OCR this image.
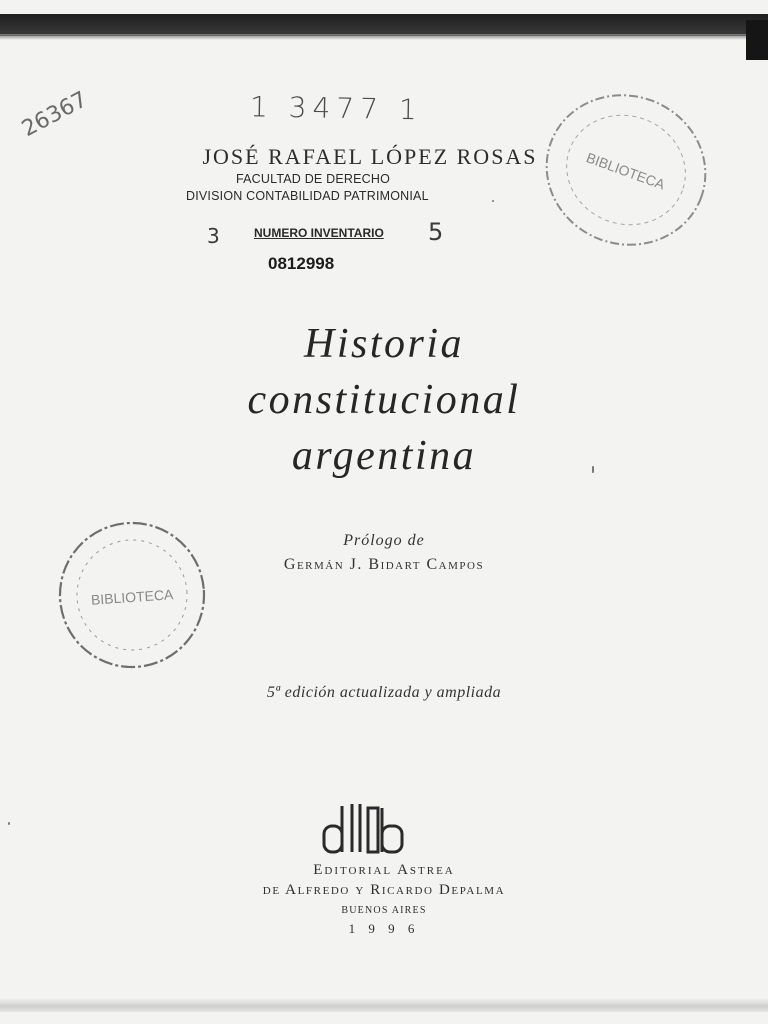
1 3477 1
26367
BIBLIOTECA
BIBLIOTECA
JOSÉ RAFAEL LÓPEZ ROSAS
FACULTAD DE DERECHO
DIVISION CONTABILIDAD PATRIMONIAL
3	NUMERO INVENTARIO 5
0812998
Historia
constitucional
argentina
Prólogo de
Germán J. Bidart Campos
5ª edición actualizada y ampliada
Editorial Astrea
de Alfredo y Ricardo Depalma
BUENOS AIRES
1 9 9 6
